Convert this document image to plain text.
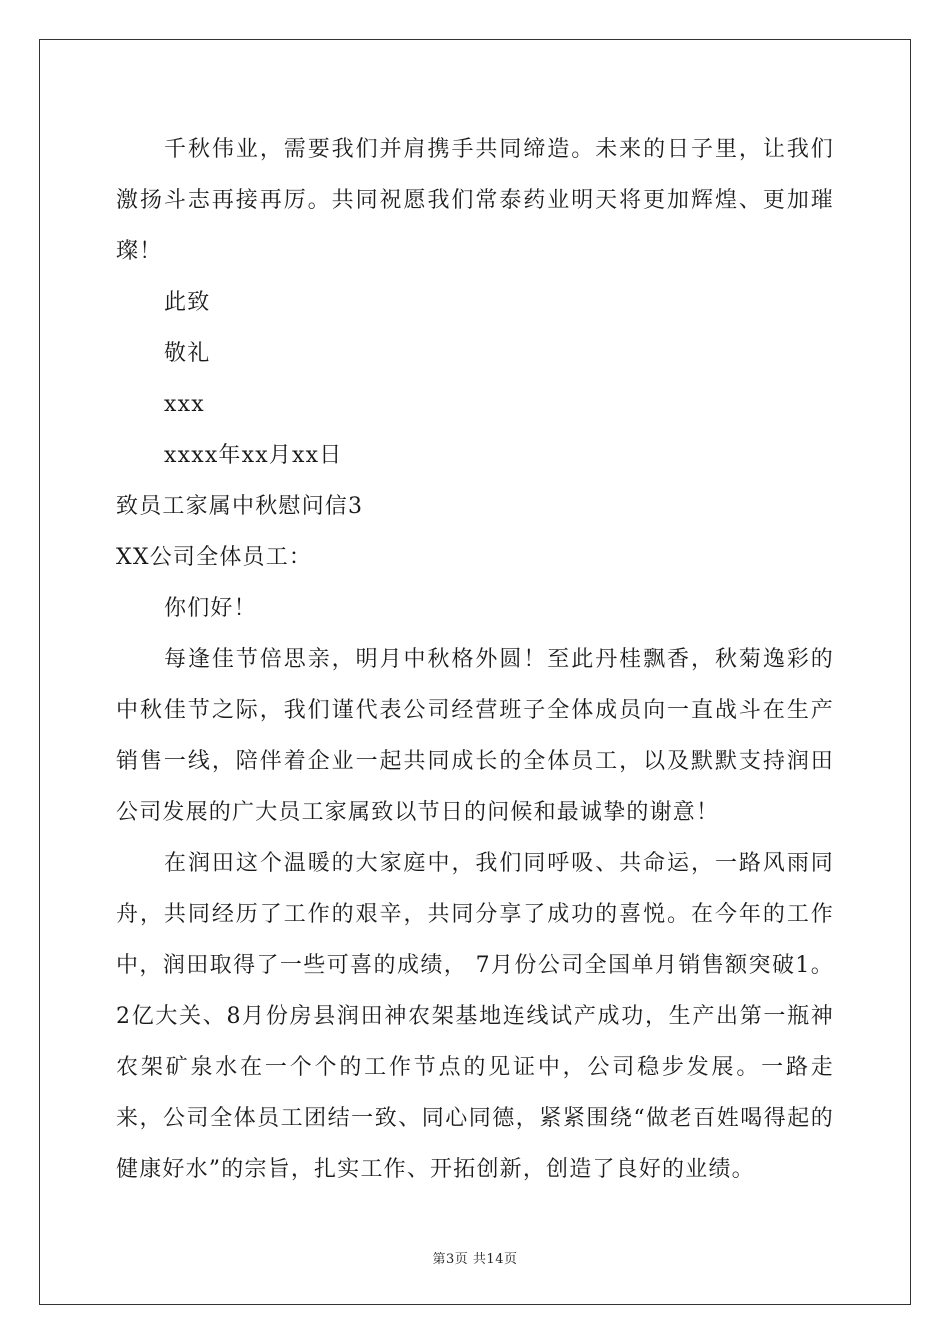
千秋伟业，需要我们并肩携手共同缔造。未来的日子里，让我们激扬斗志再接再厉。共同祝愿我们常泰药业明天将更加辉煌、更加璀璨！

此致
敬礼
xxx
xxxx年xx月xx日
致员工家属中秋慰问信3
XX公司全体员工：
你们好！

每逢佳节倍思亲，明月中秋格外圆！至此丹桂飘香，秋菊逸彩的中秋佳节之际，我们谨代表公司经营班子全体成员向一直战斗在生产销售一线，陪伴着企业一起共同成长的全体员工，以及默默支持润田公司发展的广大员工家属致以节日的问候和最诚挚的谢意！

在润田这个温暖的大家庭中，我们同呼吸、共命运，一路风雨同舟，共同经历了工作的艰辛，共同分享了成功的喜悦。在今年的工作中，润田取得了一些可喜的成绩， 7月份公司全国单月销售额突破1。2亿大关、8月份房县润田神农架基地连线试产成功，生产出第一瓶神农架矿泉水在一个个的工作节点的见证中，公司稳步发展。一路走来，公司全体员工团结一致、同心同德，紧紧围绕“做老百姓喝得起的健康好水”的宗旨，扎实工作、开拓创新，创造了良好的业绩。

第3页 共14页
